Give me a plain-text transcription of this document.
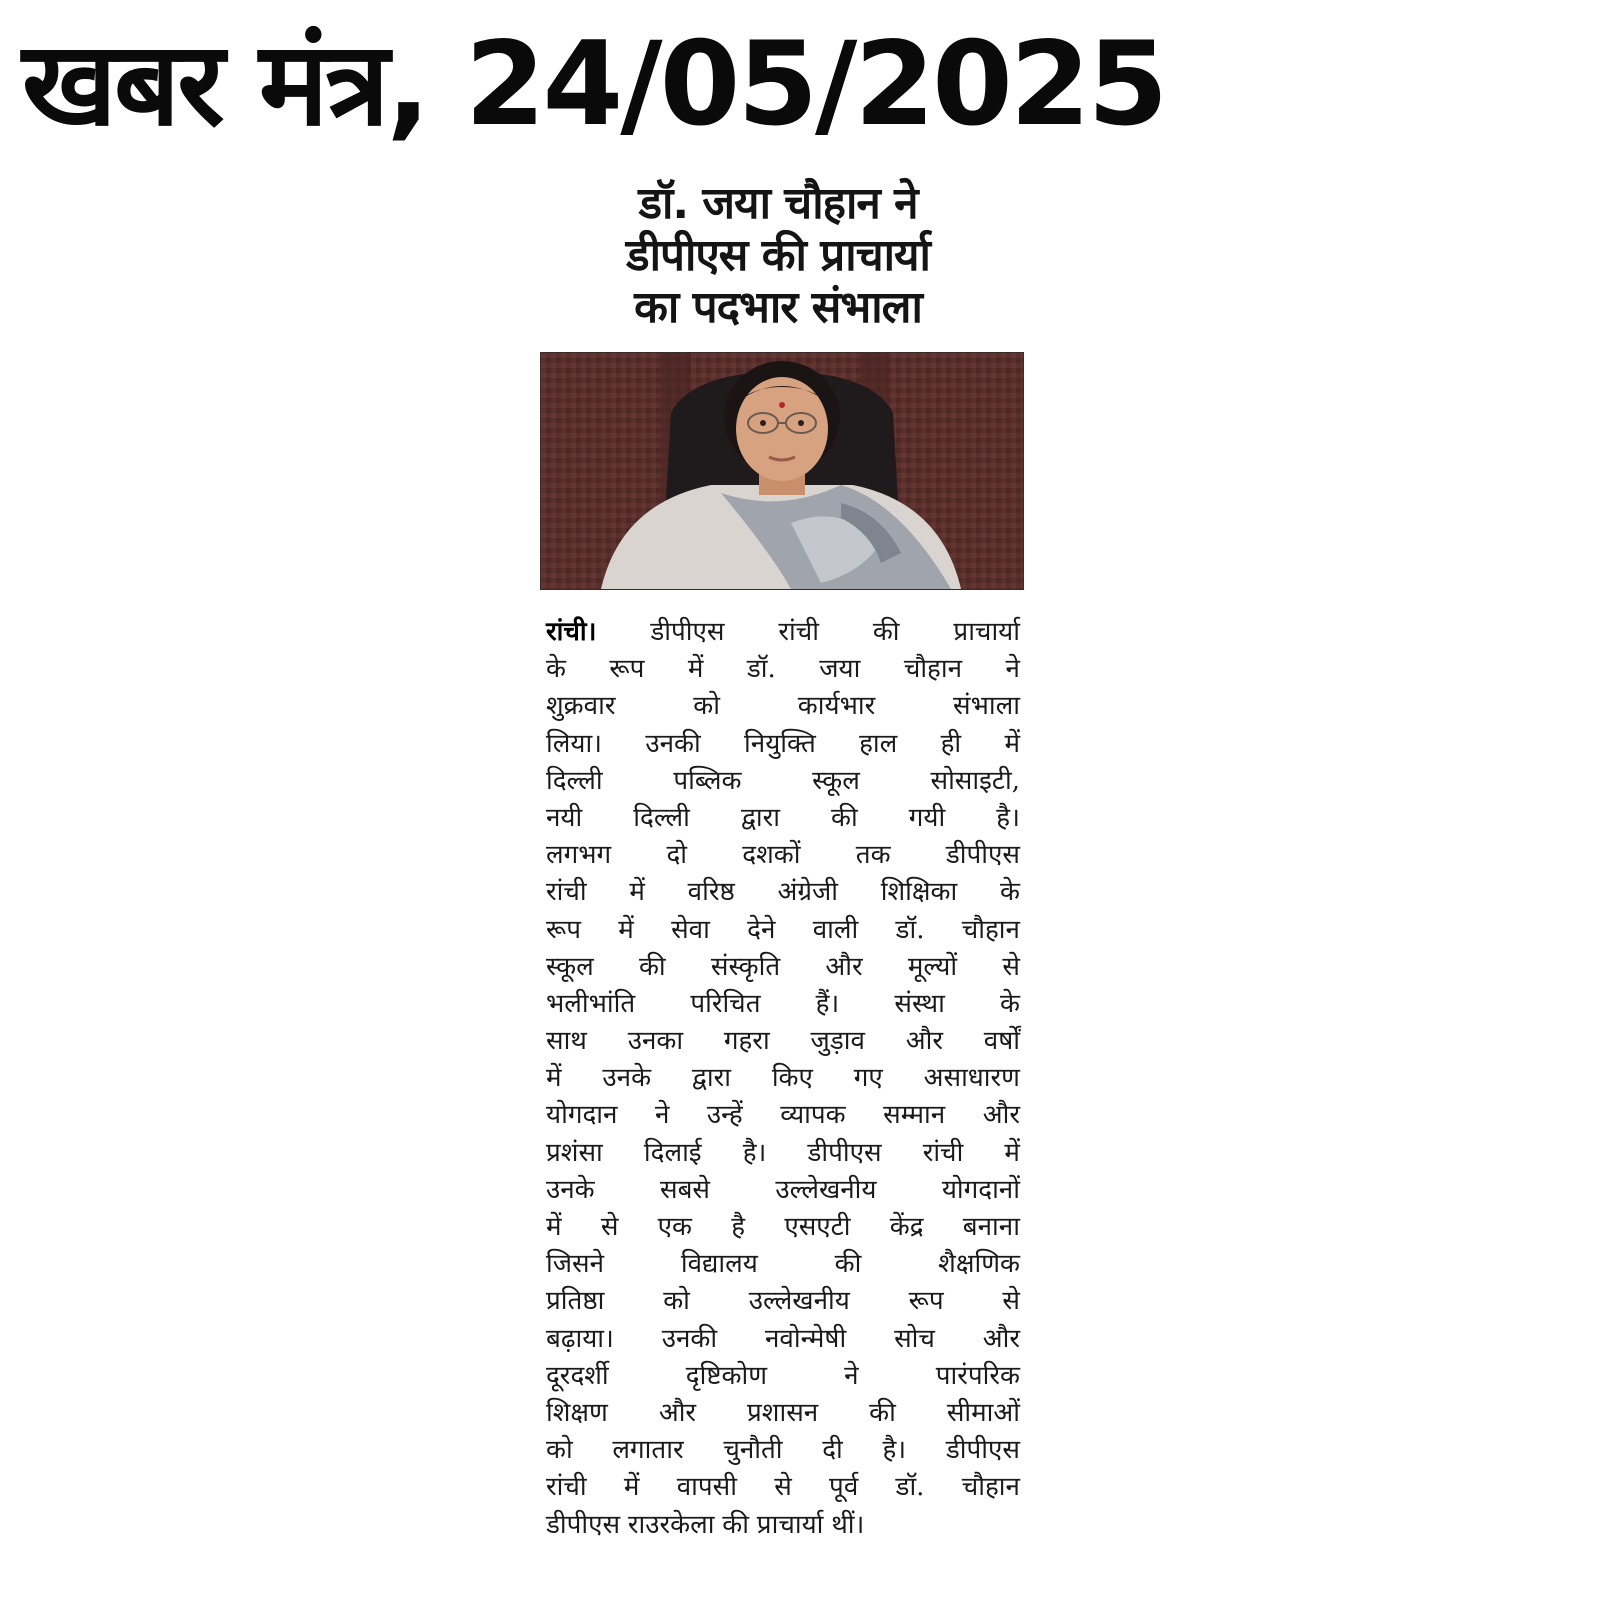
खबर मंत्र, 24/05/2025
डॉ. जया चौहान ने
डीपीएस की प्राचार्या
का पदभार संभाला
रांची। डीपीएस रांची की प्राचार्या
के रूप में डॉ. जया चौहान ने
शुक्रवार	को	कार्यभार	संभाला
लिया। उनकी नियुक्ति हाल ही में
दिल्ली	पब्लिक	स्कूल	सोसाइटी,
नयी दिल्ली द्वारा की गयी है।
लगभग दो दशकों तक डीपीएस
रांची में वरिष्ठ अंग्रेजी शिक्षिका के
रूप में सेवा देने वाली डॉ. चौहान
स्कूल की संस्कृति और मूल्यों से
भलीभांति परिचित हैं। संस्था के
साथ उनका गहरा जुड़ाव और वर्षों
में उनके द्वारा किए गए असाधारण
योगदान ने उन्हें व्यापक सम्मान और
प्रशंसा दिलाई है। डीपीएस रांची में
उनके	सबसे	उल्लेखनीय	योगदानों
में से एक है एसएटी केंद्र बनाना
जिसने	विद्यालय	की	शैक्षणिक
प्रतिष्ठा को उल्लेखनीय रूप से
बढ़ाया। उनकी नवोन्मेषी सोच और
दूरदर्शी	दृष्टिकोण	ने	पारंपरिक
शिक्षण और प्रशासन की सीमाओं
को लगातार चुनौती दी है। डीपीएस
रांची में वापसी से पूर्व डॉ. चौहान
डीपीएस राउरकेला की प्राचार्या थीं।
